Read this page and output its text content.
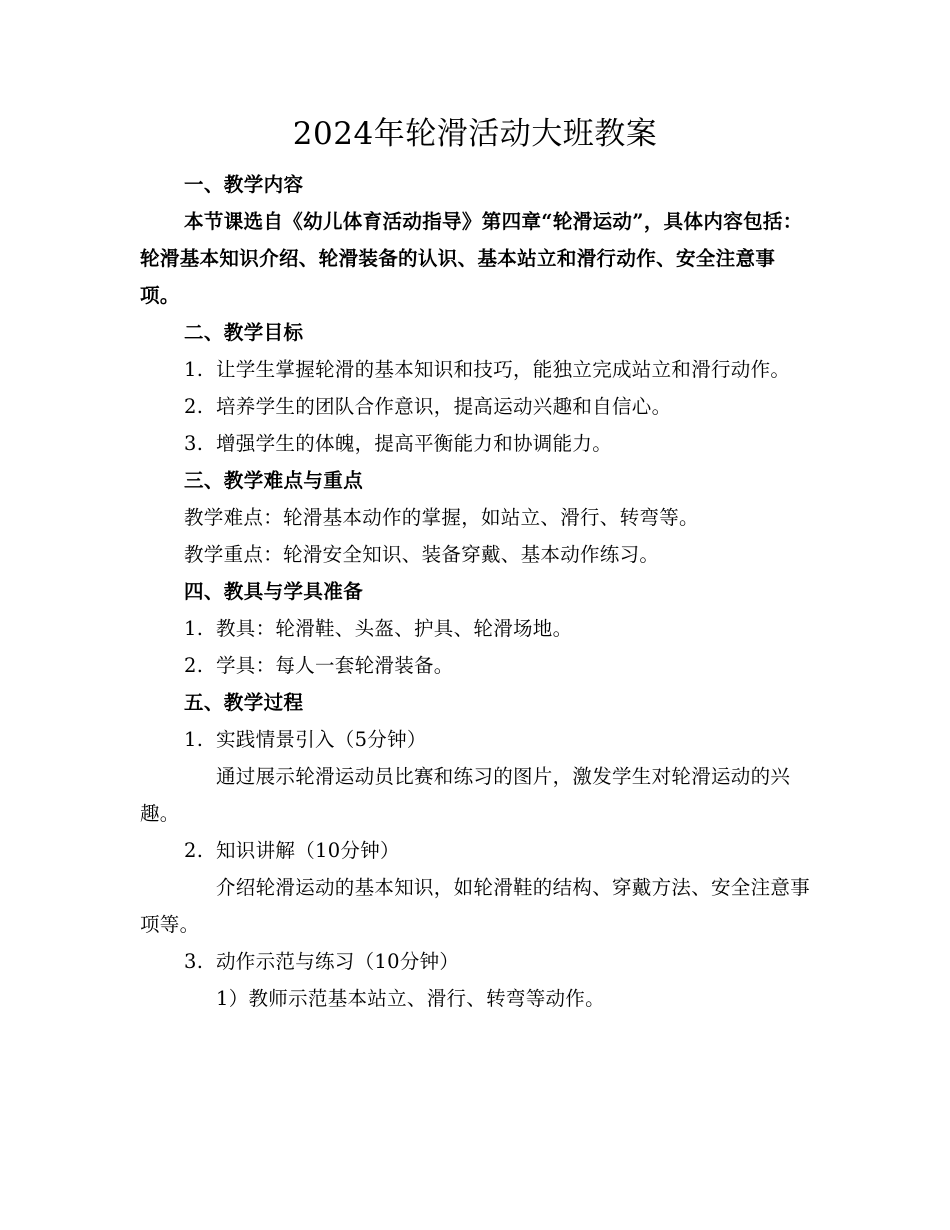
2024年轮滑活动大班教案

一、教学内容

本节课选自《幼儿体育活动指导》第四章“轮滑运动”，具体内容包括：轮滑基本知识介绍、轮滑装备的认识、基本站立和滑行动作、安全注意事项。

二、教学目标

1. 让学生掌握轮滑的基本知识和技巧，能独立完成站立和滑行动作。

2. 培养学生的团队合作意识，提高运动兴趣和自信心。

3. 增强学生的体魄，提高平衡能力和协调能力。

三、教学难点与重点

教学难点：轮滑基本动作的掌握，如站立、滑行、转弯等。

教学重点：轮滑安全知识、装备穿戴、基本动作练习。

四、教具与学具准备

1. 教具：轮滑鞋、头盔、护具、轮滑场地。

2. 学具：每人一套轮滑装备。

五、教学过程

1. 实践情景引入（5分钟）

通过展示轮滑运动员比赛和练习的图片，激发学生对轮滑运动的兴趣。

2. 知识讲解（10分钟）

介绍轮滑运动的基本知识，如轮滑鞋的结构、穿戴方法、安全注意事项等。

3. 动作示范与练习（10分钟）

1）教师示范基本站立、滑行、转弯等动作。
